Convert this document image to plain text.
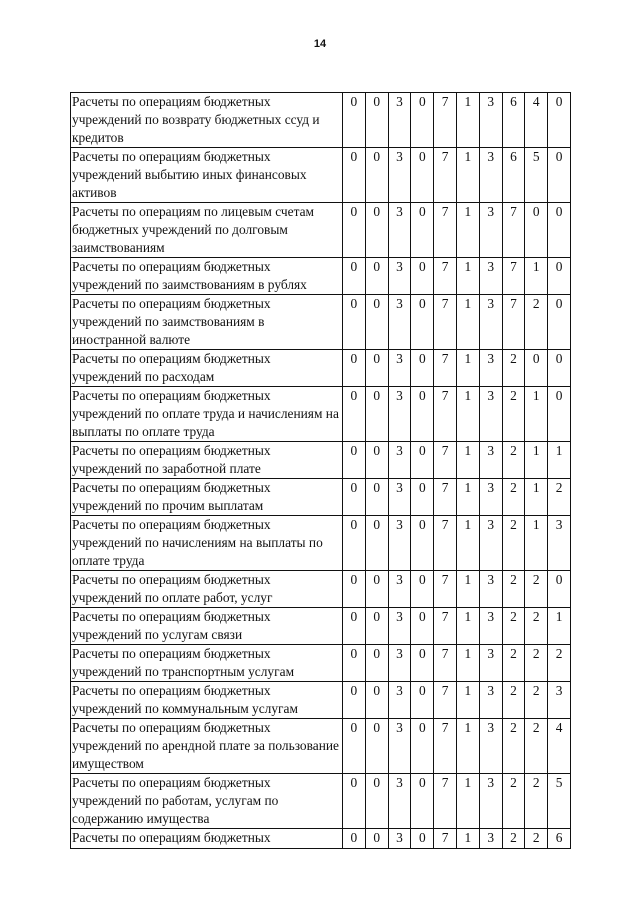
14
Расчеты по операциям бюджетных учреждений по возврату бюджетных ссуд и кредитов	0	0	3	0	7	1	3	6	4	0
Расчеты по операциям бюджетных учреждений выбытию иных финансовых активов	0	0	3	0	7	1	3	6	5	0
Расчеты по операциям по лицевым счетам бюджетных учреждений по долговым заимствованиям	0	0	3	0	7	1	3	7	0	0
Расчеты по операциям бюджетных учреждений по заимствованиям в рублях	0	0	3	0	7	1	3	7	1	0
Расчеты по операциям бюджетных учреждений по заимствованиям в иностранной валюте	0	0	3	0	7	1	3	7	2	0
Расчеты по операциям бюджетных учреждений по расходам	0	0	3	0	7	1	3	2	0	0
Расчеты по операциям бюджетных учреждений по оплате труда и начислениям на выплаты по оплате труда	0	0	3	0	7	1	3	2	1	0
Расчеты по операциям бюджетных учреждений по заработной плате	0	0	3	0	7	1	3	2	1	1
Расчеты по операциям бюджетных учреждений по прочим выплатам	0	0	3	0	7	1	3	2	1	2
Расчеты по операциям бюджетных учреждений по начислениям на выплаты по оплате труда	0	0	3	0	7	1	3	2	1	3
Расчеты по операциям бюджетных учреждений по оплате работ, услуг	0	0	3	0	7	1	3	2	2	0
Расчеты по операциям бюджетных учреждений по услугам связи	0	0	3	0	7	1	3	2	2	1
Расчеты по операциям бюджетных учреждений по транспортным услугам	0	0	3	0	7	1	3	2	2	2
Расчеты по операциям бюджетных учреждений по коммунальным услугам	0	0	3	0	7	1	3	2	2	3
Расчеты по операциям бюджетных учреждений по арендной плате за пользование имуществом	0	0	3	0	7	1	3	2	2	4
Расчеты по операциям бюджетных учреждений по работам, услугам по содержанию имущества	0	0	3	0	7	1	3	2	2	5
Расчеты по операциям бюджетных	0	0	3	0	7	1	3	2	2	6
